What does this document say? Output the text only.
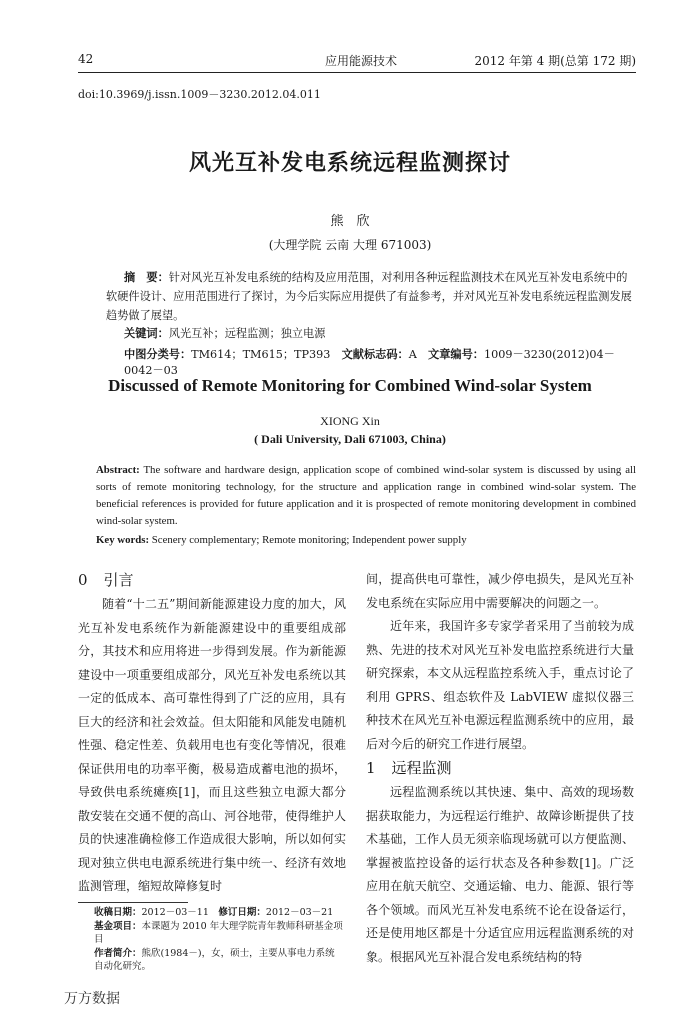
42	应用能源技术	2012 年第 4 期(总第 172 期)
doi:10.3969/j.issn.1009－3230.2012.04.011
风光互补发电系统远程监测探讨
熊　欣
(大理学院 云南 大理 671003)

摘　要：针对风光互补发电系统的结构及应用范围，对利用各种远程监测技术在风光互补发电系统中的软硬件设计、应用范围进行了探讨，为今后实际应用提供了有益参考，并对风光互补发电系统远程监测发展趋势做了展望。

关键词：风光互补；远程监测；独立电源
中图分类号：TM614；TM615；TP393　 文献标志码：A　 文章编号：1009－3230(2012)04－0042－03
Discussed of Remote Monitoring for Combined Wind-solar System
XIONG Xin
( Dali University, Dali 671003, China)

Abstract: The software and hardware design, application scope of combined wind-solar system is discussed by using all sorts of remote monitoring technology, for the structure and application range in combined wind-solar system. The beneficial references is provided for future application and it is prospected of remote monitoring development in combined wind-solar system.

Key words: Scenery complementary; Remote monitoring; Independent power supply
0 引言

随着“十二五”期间新能源建设力度的加大，风光互补发电系统作为新能源建设中的重要组成部分，其技术和应用将进一步得到发展。作为新能源建设中一项重要组成部分，风光互补发电系统以其一定的低成本、高可靠性得到了广泛的应用，具有巨大的经济和社会效益。但太阳能和风能发电随机性强、稳定性差、负载用电也有变化等情况，很难保证供用电的功率平衡，极易造成蓄电池的损坏，导致供电系统瘫痪[1]，而且这些独立电源大都分散安装在交通不便的高山、河谷地带，使得维护人员的快速准确检修工作造成很大影响，所以如何实现对独立供电电源系统进行集中统一、经济有效地监测管理，缩短故障修复时

间，提高供电可靠性，减少停电损失，是风光互补发电系统在实际应用中需要解决的问题之一。

近年来，我国许多专家学者采用了当前较为成熟、先进的技术对风光互补发电监控系统进行大量研究探索，本文从远程监控系统入手，重点讨论了利用 GPRS、组态软件及 LabVIEW 虚拟仪器三种技术在风光互补电源远程监测系统中的应用，最后对今后的研究工作进行展望。

1 远程监测

远程监测系统以其快速、集中、高效的现场数据获取能力，为远程运行维护、故障诊断提供了技术基础，工作人员无须亲临现场就可以方便监测、掌握被监控设备的运行状态及各种参数[1]。广泛应用在航天航空、交通运输、电力、能源、银行等各个领域。而风光互补发电系统不论在设备运行，还是使用地区都是十分适宜应用远程监测系统的对象。根据风光互补混合发电系统结构的特

收稿日期：2012－03－11　 修订日期：2012－03－21

基金项目：本课题为 2010 年大理学院青年教师科研基金项目

作者简介：熊欣(1984－)，女，硕士，主要从事电力系统自动化研究。

万方数据
